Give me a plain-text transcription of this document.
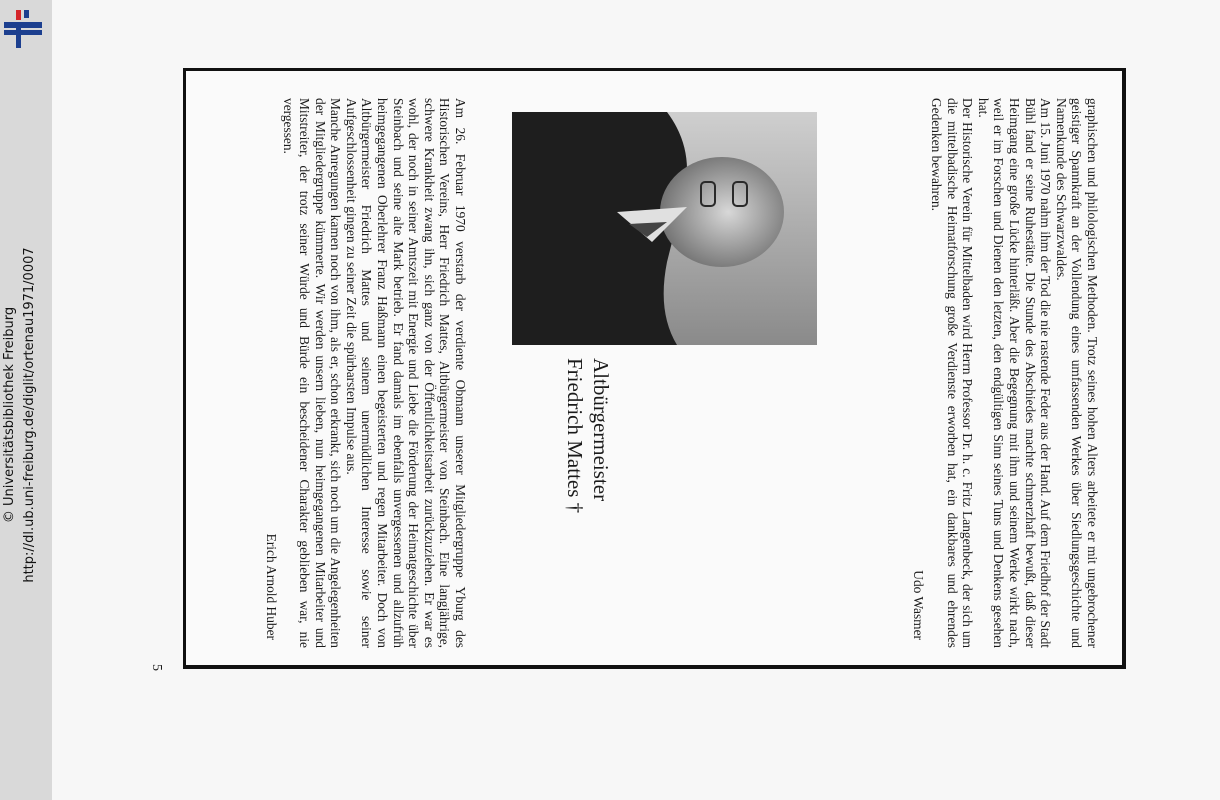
http://dl.ub.uni-freiburg.de/diglit/ortenau1971/0007
© Universitätsbibliothek Freiburg
5

graphischen und philologischen Methoden. Trotz seines hohen Alters arbeitete er mit ungebrochener geistiger Spannkraft an der Vollendung eines umfassenden Werkes über Siedlungsgeschichte und Namenkunde des Schwarzwaldes.

Am 15. Juni 1970 nahm ihm der Tod die nie rastende Feder aus der Hand. Auf dem Friedhof der Stadt Bühl fand er seine Ruhestätte. Die Stunde des Abschiedes machte schmerzhaft bewußt, daß dieser Heimgang eine große Lücke hinterläßt. Aber die Begegnung mit ihm und seinem Werke wirkt nach, weil er im Forschen und Dienen den letzten, den endgültigen Sinn seines Tuns und Denkens gesehen hat.

Der Historische Verein für Mittelbaden wird Herrn Professor Dr. h. c. Fritz Langenbeck, der sich um die mittelbadische Heimatforschung große Verdienste erworben hat, ein dankbares und ehrendes Gedenken bewahren.

Udo Wasmer

Altbürgermeister
Friedrich Mattes †

Am 26. Februar 1970 verstarb der verdiente Obmann unserer Mitgliedergruppe Yburg des Historischen Vereins, Herr Friedrich Mattes, Altbürgermeister von Steinbach. Eine langjährige, schwere Krankheit zwang ihn, sich ganz von der Öffentlichkeitsarbeit zurückzuziehen. Er war es wohl, der noch in seiner Amtszeit mit Energie und Liebe die Förderung der Heimatgeschichte über Steinbach und seine alte Mark betrieb. Er fand damals im ebenfalls unvergessenen und allzufrüh heimgegangenen Oberlehrer Franz Haßmann einen begeisterten und regen Mitarbeiter. Doch von Altbürgermeister Friedrich Mattes und seinem unermüdlichen Interesse sowie seiner Aufgeschlossenheit gingen zu seiner Zeit die spürbarsten Impulse aus.

Manche Anregungen kamen noch von ihm, als er, schon erkrankt, sich noch um die Angelegenheiten der Mitgliedergruppe kümmerte. Wir werden unsern lieben, nun heimgegangenen Mitarbeiter und Mitstreiter, der trotz seiner Würde und Bürde ein bescheidener Charakter geblieben war, nie vergessen.

Erich Arnold Huber
